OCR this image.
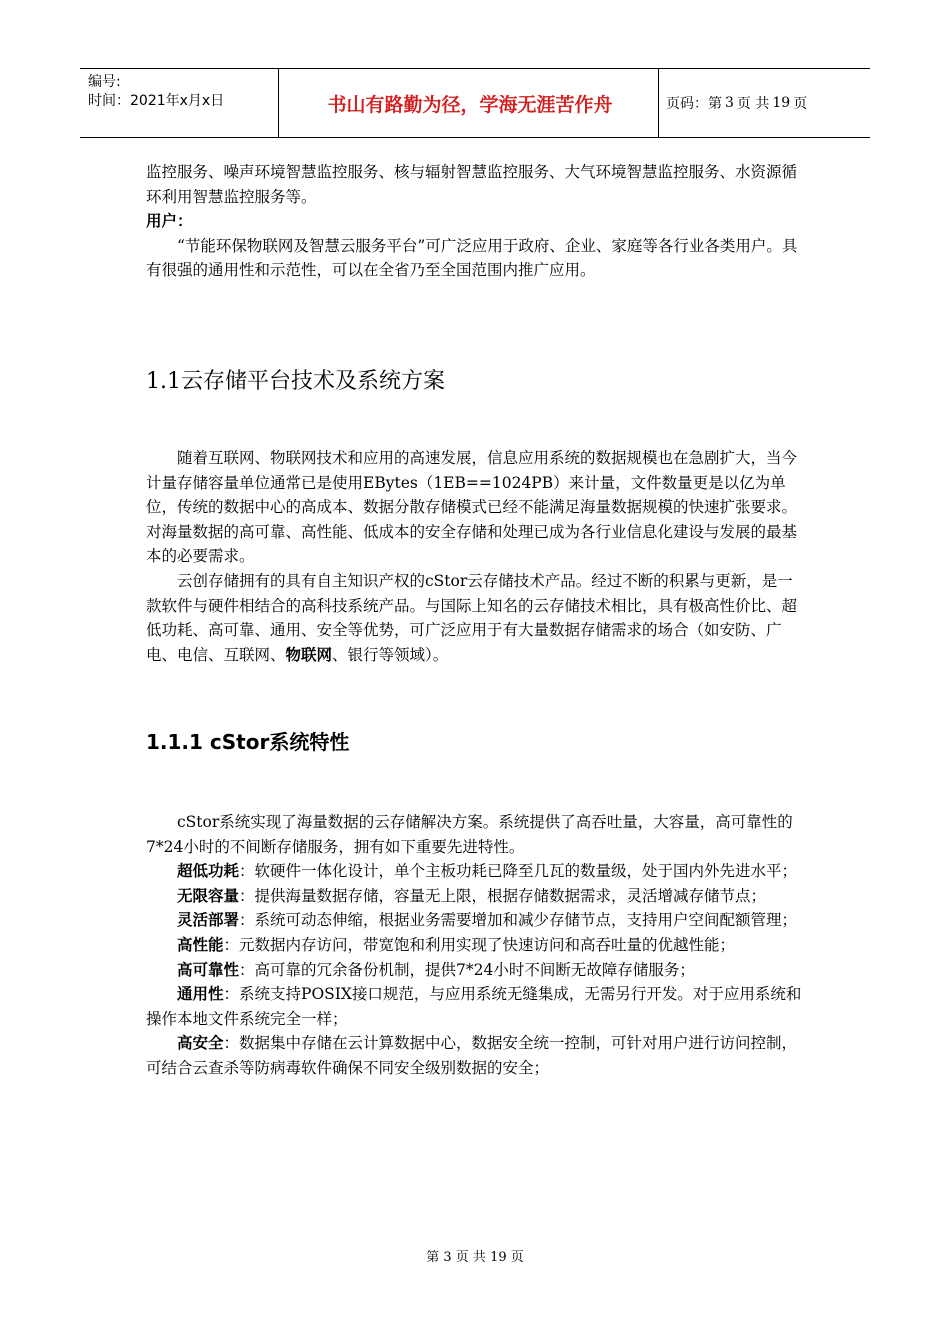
编号:
时间：2021年x月x日	书山有路勤为径，学海无涯苦作舟	页码：第 3 页 共 19 页

监控服务、噪声环境智慧监控服务、核与辐射智慧监控服务、大气环境智慧监控服务、水资源循环利用智慧监控服务等。

用户：

“节能环保物联网及智慧云服务平台”可广泛应用于政府、企业、家庭等各行业各类用户。具有很强的通用性和示范性，可以在全省乃至全国范围内推广应用。

1.1云存储平台技术及系统方案

随着互联网、物联网技术和应用的高速发展，信息应用系统的数据规模也在急剧扩大，当今计量存储容量单位通常已是使用EBytes（1EB==1024PB）来计量，文件数量更是以亿为单位，传统的数据中心的高成本、数据分散存储模式已经不能满足海量数据规模的快速扩张要求。对海量数据的高可靠、高性能、低成本的安全存储和处理已成为各行业信息化建设与发展的最基本的必要需求。

云创存储拥有的具有自主知识产权的cStor云存储技术产品。经过不断的积累与更新，是一款软件与硬件相结合的高科技系统产品。与国际上知名的云存储技术相比，具有极高性价比、超低功耗、高可靠、通用、安全等优势，可广泛应用于有大量数据存储需求的场合（如安防、广电、电信、互联网、物联网、银行等领域）。

1.1.1 cStor系统特性

cStor系统实现了海量数据的云存储解决方案。系统提供了高吞吐量，大容量，高可靠性的7*24小时的不间断存储服务，拥有如下重要先进特性。

超低功耗：软硬件一体化设计，单个主板功耗已降至几瓦的数量级，处于国内外先进水平；

无限容量：提供海量数据存储，容量无上限，根据存储数据需求，灵活增减存储节点；

灵活部署：系统可动态伸缩，根据业务需要增加和减少存储节点，支持用户空间配额管理；

高性能：元数据内存访问，带宽饱和利用实现了快速访问和高吞吐量的优越性能；

高可靠性：高可靠的冗余备份机制，提供7*24小时不间断无故障存储服务；

通用性：系统支持POSIX接口规范，与应用系统无缝集成，无需另行开发。对于应用系统和操作本地文件系统完全一样；

高安全：数据集中存储在云计算数据中心，数据安全统一控制，可针对用户进行访问控制，可结合云查杀等防病毒软件确保不同安全级别数据的安全；

第 3 页 共 19 页
